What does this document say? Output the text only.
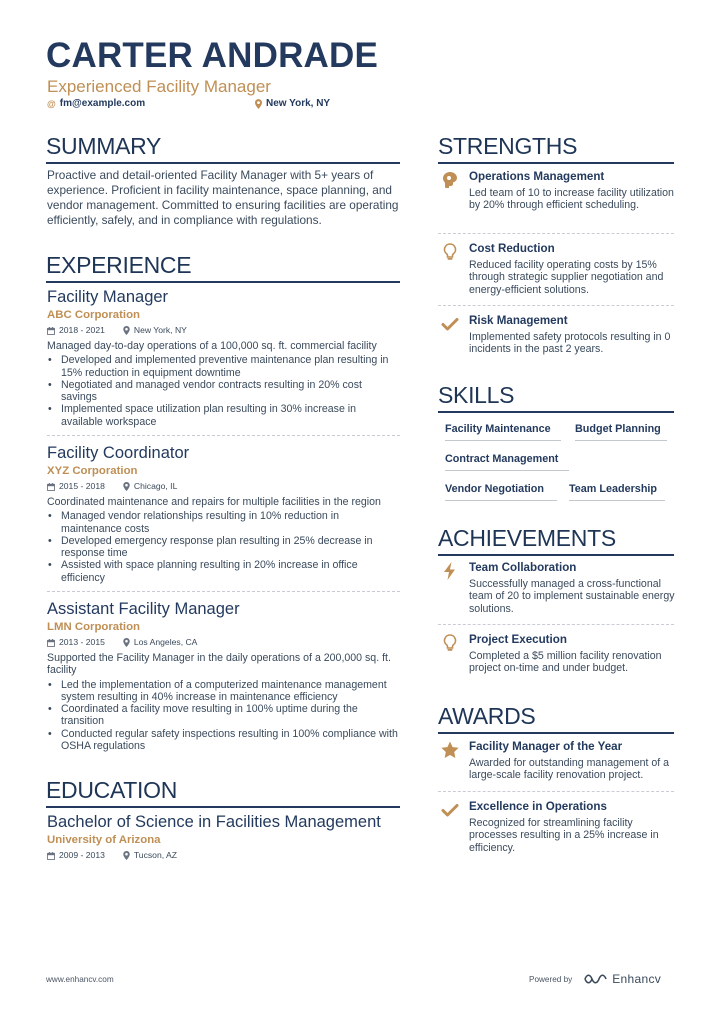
CARTER ANDRADE
Experienced Facility Manager
@ fm@example.com	New York, NY
SUMMARY
Proactive and detail-oriented Facility Manager with 5+ years of experience. Proficient in facility maintenance, space planning, and vendor management. Committed to ensuring facilities are operating efficiently, safely, and in compliance with regulations.
EXPERIENCE
Facility Manager
ABC Corporation
2018 - 2021	New York, NY
Managed day-to-day operations of a 100,000 sq. ft. commercial facility
• Developed and implemented preventive maintenance plan resulting in 15% reduction in equipment downtime
• Negotiated and managed vendor contracts resulting in 20% cost savings
• Implemented space utilization plan resulting in 30% increase in available workspace
Facility Coordinator
XYZ Corporation
2015 - 2018	Chicago, IL
Coordinated maintenance and repairs for multiple facilities in the region
• Managed vendor relationships resulting in 10% reduction in maintenance costs
• Developed emergency response plan resulting in 25% decrease in response time
• Assisted with space planning resulting in 20% increase in office efficiency
Assistant Facility Manager
LMN Corporation
2013 - 2015	Los Angeles, CA
Supported the Facility Manager in the daily operations of a 200,000 sq. ft. facility
• Led the implementation of a computerized maintenance management system resulting in 40% increase in maintenance efficiency
• Coordinated a facility move resulting in 100% uptime during the transition
• Conducted regular safety inspections resulting in 100% compliance with OSHA regulations
EDUCATION
Bachelor of Science in Facilities Management
University of Arizona
2009 - 2013	Tucson, AZ
STRENGTHS
Operations Management
Led team of 10 to increase facility utilization by 20% through efficient scheduling.
Cost Reduction
Reduced facility operating costs by 15% through strategic supplier negotiation and energy-efficient solutions.
Risk Management
Implemented safety protocols resulting in 0 incidents in the past 2 years.
SKILLS
Facility Maintenance	Budget Planning
Contract Management
Vendor Negotiation	Team Leadership
ACHIEVEMENTS
Team Collaboration
Successfully managed a cross-functional team of 20 to implement sustainable energy solutions.
Project Execution
Completed a $5 million facility renovation project on-time and under budget.
AWARDS
Facility Manager of the Year
Awarded for outstanding management of a large-scale facility renovation project.
Excellence in Operations
Recognized for streamlining facility processes resulting in a 25% increase in efficiency.
www.enhancv.com	Powered by	Enhancv
